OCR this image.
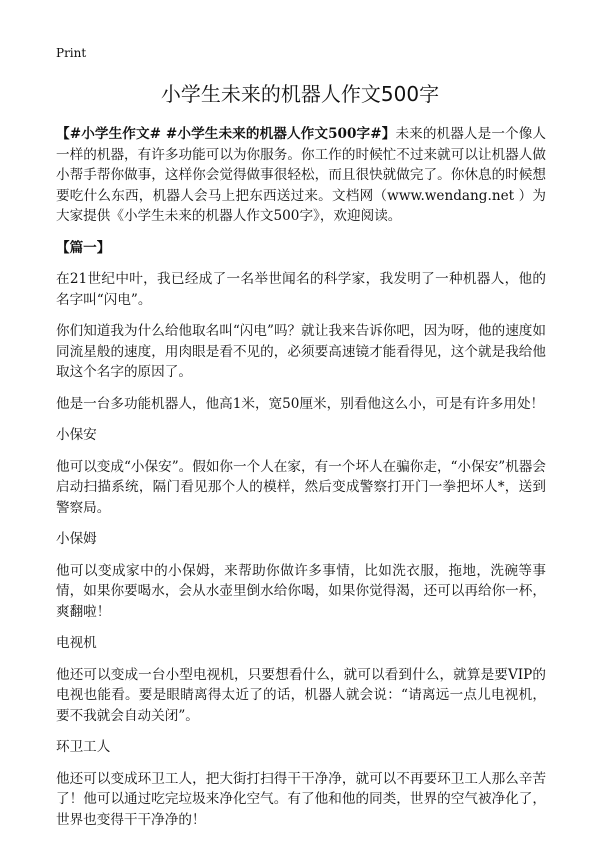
Print
小学生未来的机器人作文500字

【#小学生作文# #小学生未来的机器人作文500字#】未来的机器人是一个像人一样的机器，有许多功能可以为你服务。你工作的时候忙不过来就可以让机器人做小帮手帮你做事，这样你会觉得做事很轻松，而且很快就做完了。你休息的时候想要吃什么东西，机器人会马上把东西送过来。文档网（www.wendang.net ）为大家提供《小学生未来的机器人作文500字》，欢迎阅读。

【篇一】

在21世纪中叶，我已经成了一名举世闻名的科学家，我发明了一种机器人，他的名字叫“闪电”。

你们知道我为什么给他取名叫“闪电”吗？就让我来告诉你吧，因为呀，他的速度如同流星般的速度，用肉眼是看不见的，必须要高速镜才能看得见，这个就是我给他取这个名字的原因了。

他是一台多功能机器人，他高1米，宽50厘米，别看他这么小，可是有许多用处！

小保安

他可以变成“小保安”。假如你一个人在家，有一个坏人在骗你走，“小保安”机器会启动扫描系统，隔门看见那个人的模样，然后变成警察打开门一拳把坏人*，送到警察局。

小保姆

他可以变成家中的小保姆，来帮助你做许多事情，比如洗衣服，拖地，洗碗等事情，如果你要喝水，会从水壶里倒水给你喝，如果你觉得渴，还可以再给你一杯，爽翻啦！

电视机

他还可以变成一台小型电视机，只要想看什么，就可以看到什么，就算是要VIP的电视也能看。要是眼睛离得太近了的话，机器人就会说：“请离远一点儿电视机，要不我就会自动关闭”。

环卫工人

他还可以变成环卫工人，把大街打扫得干干净净，就可以不再要环卫工人那么辛苦了！他可以通过吃完垃圾来净化空气。有了他和他的同类，世界的空气被净化了，世界也变得干干净净的！
